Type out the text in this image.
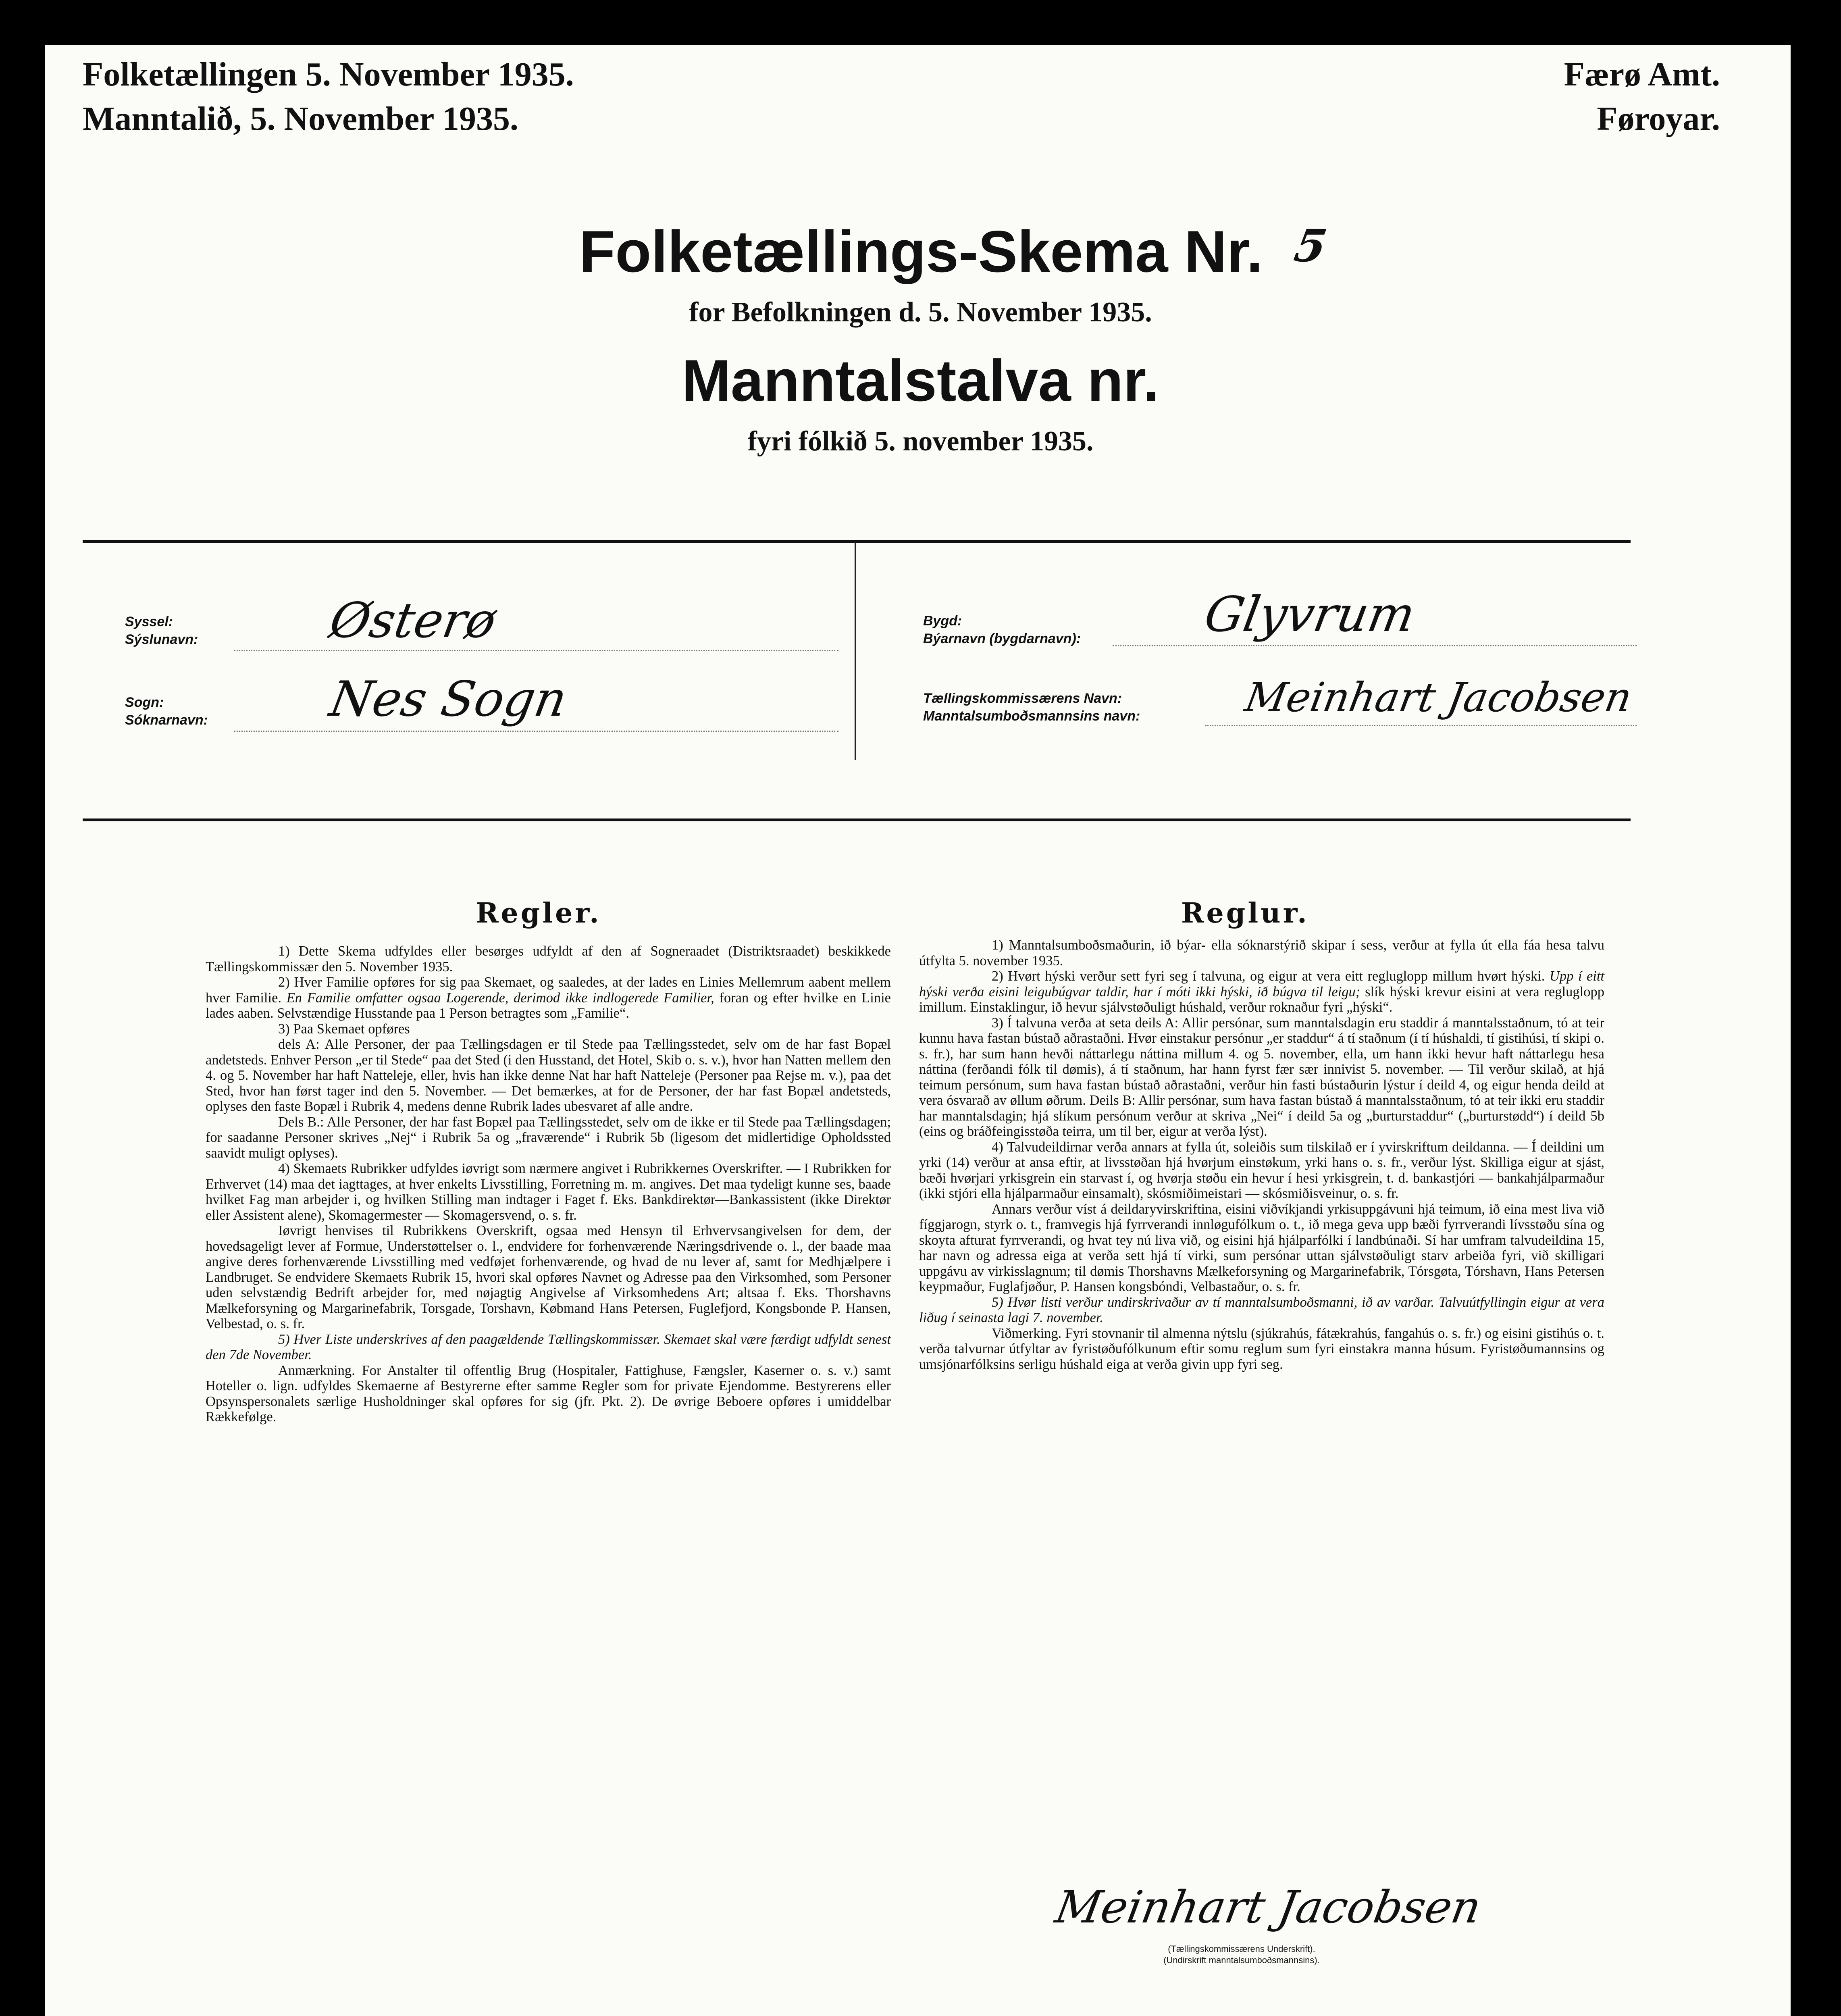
Folketællingen 5. November 1935.
Manntalið, 5. November 1935.
Færø Amt.
Føroyar.
Folketællings-Skema Nr. 5
for Befolkningen d. 5. November 1935.
Manntalstalva nr.
fyri fólkið 5. november 1935.
Syssel:
Sýslunavn:	Østerø
Sogn:
Sóknarnavn: Nes Sogn
Bygd:
Býarnavn (bygdarnavn): Glyvrum
Tællingskommissærens Navn:
Manntalsumboðsmannsins navn:	Meinhart Jacobsen
Regler.

1) Dette Skema udfyldes eller besørges udfyldt af den af Sogneraadet (Distriktsraadet) beskikkede Tællingskommissær den 5. November 1935.

2) Hver Familie opføres for sig paa Skemaet, og saaledes, at der lades en Linies Mellemrum aabent mellem hver Familie. En Familie omfatter ogsaa Logerende, derimod ikke indlogerede Familier, foran og efter hvilke en Linie lades aaben. Selvstændige Husstande paa 1 Person betragtes som „Familie“.

3) Paa Skemaet opføres

dels A: Alle Personer, der paa Tællingsdagen er til Stede paa Tællingsstedet, selv om de har fast Bopæl andetsteds. Enhver Person „er til Stede“ paa det Sted (i den Husstand, det Hotel, Skib o. s. v.), hvor han Natten mellem den 4. og 5. November har haft Natteleje, eller, hvis han ikke denne Nat har haft Natteleje (Personer paa Rejse m. v.), paa det Sted, hvor han først tager ind den 5. November. — Det bemærkes, at for de Personer, der har fast Bopæl andetsteds, oplyses den faste Bopæl i Rubrik 4, medens denne Rubrik lades ubesvaret af alle andre.

Dels B.: Alle Personer, der har fast Bopæl paa Tællingsstedet, selv om de ikke er til Stede paa Tællingsdagen; for saadanne Personer skrives „Nej“ i Rubrik 5a og „fraværende“ i Rubrik 5b (ligesom det midlertidige Opholdssted saavidt muligt oplyses).

4) Skemaets Rubrikker udfyldes iøvrigt som nærmere angivet i Rubrikkernes Overskrifter. — I Rubrikken for Erhvervet (14) maa det iagttages, at hver enkelts Livsstilling, Forretning m. m. angives. Det maa tydeligt kunne ses, baade hvilket Fag man arbejder i, og hvilken Stilling man indtager i Faget f. Eks. Bankdirektør—Bankassistent (ikke Direktør eller Assistent alene), Skomagermester — Skomagersvend, o. s. fr.

Iøvrigt henvises til Rubrikkens Overskrift, ogsaa med Hensyn til Erhvervsangivelsen for dem, der hovedsageligt lever af Formue, Understøttelser o. l., endvidere for forhenværende Næringsdrivende o. l., der baade maa angive deres forhenværende Livsstilling med vedføjet forhenværende, og hvad de nu lever af, samt for Medhjælpere i Landbruget. Se endvidere Skemaets Rubrik 15, hvori skal opføres Navnet og Adresse paa den Virksomhed, som Personer uden selvstændig Bedrift arbejder for, med nøjagtig Angivelse af Virksomhedens Art; altsaa f. Eks. Thorshavns Mælkeforsyning og Margarinefabrik, Torsgade, Torshavn, Købmand Hans Petersen, Fuglefjord, Kongsbonde P. Hansen, Velbestad, o. s. fr.

5) Hver Liste underskrives af den paagældende Tællingskommissær. Skemaet skal være færdigt udfyldt senest den 7de November.

Anmærkning. For Anstalter til offentlig Brug (Hospitaler, Fattighuse, Fængsler, Kaserner o. s. v.) samt Hoteller o. lign. udfyldes Skemaerne af Bestyrerne efter samme Regler som for private Ejendomme. Bestyrerens eller Opsynspersonalets særlige Husholdninger skal opføres for sig (jfr. Pkt. 2). De øvrige Beboere opføres i umiddelbar Rækkefølge.

Reglur.

1) Manntalsumboðsmaðurin, ið býar- ella sóknarstýrið skipar í sess, verður at fylla út ella fáa hesa talvu útfylta 5. november 1935.

2) Hvørt hýski verður sett fyri seg í talvuna, og eigur at vera eitt regluglopp millum hvørt hýski. Upp í eitt hýski verða eisini leigubúgvar taldir, har í móti ikki hýski, ið búgva til leigu; slík hýski krevur eisini at vera regluglopp imillum. Einstaklingur, ið hevur sjálvstøðuligt húshald, verður roknaður fyri „hýski“.

3) Í talvuna verða at seta deils A: Allir persónar, sum manntalsdagin eru staddir á manntalsstaðnum, tó at teir kunnu hava fastan bústað aðrastaðni. Hvør einstakur persónur „er staddur“ á tí staðnum (í tí húshaldi, tí gistihúsi, tí skipi o. s. fr.), har sum hann hevði náttarlegu náttina millum 4. og 5. november, ella, um hann ikki hevur haft náttarlegu hesa náttina (ferðandi fólk til dømis), á tí staðnum, har hann fyrst fær sær innivist 5. november. — Til verður skilað, at hjá teimum persónum, sum hava fastan bústað aðrastaðni, verður hin fasti bústaðurin lýstur í deild 4, og eigur henda deild at vera ósvarað av øllum øðrum. Deils B: Allir persónar, sum hava fastan bústað á manntalsstaðnum, tó at teir ikki eru staddir har manntalsdagin; hjá slíkum persónum verður at skriva „Nei“ í deild 5a og „burturstaddur“ („burturstødd“) í deild 5b (eins og bráðfeingisstøða teirra, um til ber, eigur at verða lýst).

4) Talvudeildirnar verða annars at fylla út, soleiðis sum tilskilað er í yvirskriftum deildanna. — Í deildini um yrki (14) verður at ansa eftir, at livsstøðan hjá hvørjum einstøkum, yrki hans o. s. fr., verður lýst. Skilliga eigur at sjást, bæði hvørjari yrkisgrein ein starvast í, og hvørja støðu ein hevur í hesi yrkisgrein, t. d. bankastjóri — bankahjálparmaður (ikki stjóri ella hjálparmaður einsamalt), skósmiðimeistari — skósmiðisveinur, o. s. fr.

Annars verður víst á deildaryvirskriftina, eisini viðvíkjandi yrkisuppgávuni hjá teimum, ið eina mest liva við fíggjarogn, styrk o. t., framvegis hjá fyrrverandi innløgufólkum o. t., ið mega geva upp bæði fyrrverandi lívsstøðu sína og skoyta afturat fyrrverandi, og hvat tey nú liva við, og eisini hjá hjálparfólki í landbúnaði. Sí har umfram talvudeildina 15, har navn og adressa eiga at verða sett hjá tí virki, sum persónar uttan sjálvstøðuligt starv arbeiða fyri, við skilligari uppgávu av virkisslagnum; til dømis Thorshavns Mælkeforsyning og Margarinefabrik, Tórsgøta, Tórshavn, Hans Petersen keypmaður, Fuglafjøður, P. Hansen kongsbóndi, Velbastaður, o. s. fr.

5) Hvør listi verður undirskrivaður av tí manntalsumboðsmanni, ið av varðar. Talvuútfyllingin eigur at vera liðug í seinasta lagi 7. november.

Viðmerking. Fyri stovnanir til almenna nýtslu (sjúkrahús, fátækrahús, fangahús o. s. fr.) og eisini gistihús o. t. verða talvurnar útfyltar av fyristøðufólkunum eftir somu reglum sum fyri einstakra manna húsum. Fyristøðumannsins og umsjónarfólksins serligu húshald eiga at verða givin upp fyri seg.

Meinhart Jacobsen
(Tællingskommissærens Underskrift).
(Undirskrift manntalsumboðsmannsins).
